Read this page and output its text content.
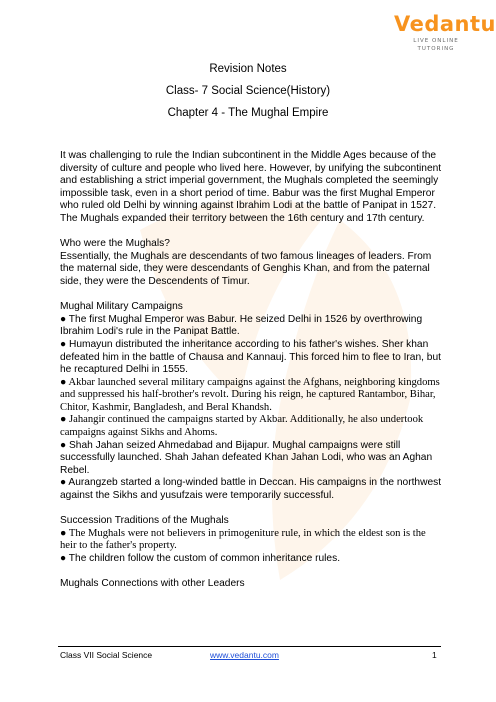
Vedantu
LIVE ONLINE TUTORING
Revision Notes
Class- 7 Social Science(History)
Chapter 4 - The Mughal Empire

It was challenging to rule the Indian subcontinent in the Middle Ages because of the diversity of culture and people who lived here. However, by unifying the subcontinent and establishing a strict imperial government, the Mughals completed the seemingly impossible task, even in a short period of time. Babur was the first Mughal Emperor who ruled old Delhi by winning against Ibrahim Lodi at the battle of Panipat in 1527. The Mughals expanded their territory between the 16th century and 17th century.

Who were the Mughals?

Essentially, the Mughals are descendants of two famous lineages of leaders. From the maternal side, they were descendants of Genghis Khan, and from the paternal side, they were the Descendents of Timur.

Mughal Military Campaigns

● The first Mughal Emperor was Babur. He seized Delhi in 1526 by overthrowing Ibrahim Lodi's rule in the Panipat Battle.

● Humayun distributed the inheritance according to his father's wishes. Sher khan defeated him in the battle of Chausa and Kannauj. This forced him to flee to Iran, but he recaptured Delhi in 1555.

● Akbar launched several military campaigns against the Afghans, neighboring kingdoms and suppressed his half-brother's revolt. During his reign, he captured Rantambor, Bihar, Chitor, Kashmir, Bangladesh, and Beral Khandsh.

● Jahangir continued the campaigns started by Akbar. Additionally, he also undertook campaigns against Sikhs and Ahoms.

● Shah Jahan seized Ahmedabad and Bijapur. Mughal campaigns were still successfully launched. Shah Jahan defeated Khan Jahan Lodi, who was an Aghan Rebel.

● Aurangzeb started a long-winded battle in Deccan. His campaigns in the northwest against the Sikhs and yusufzais were temporarily successful.

Succession Traditions of the Mughals

● The Mughals were not believers in primogeniture rule, in which the eldest son is the heir to the father's property.

● The children follow the custom of common inheritance rules.

Mughals Connections with other Leaders

Class VII Social Science	www.vedantu.com	1
